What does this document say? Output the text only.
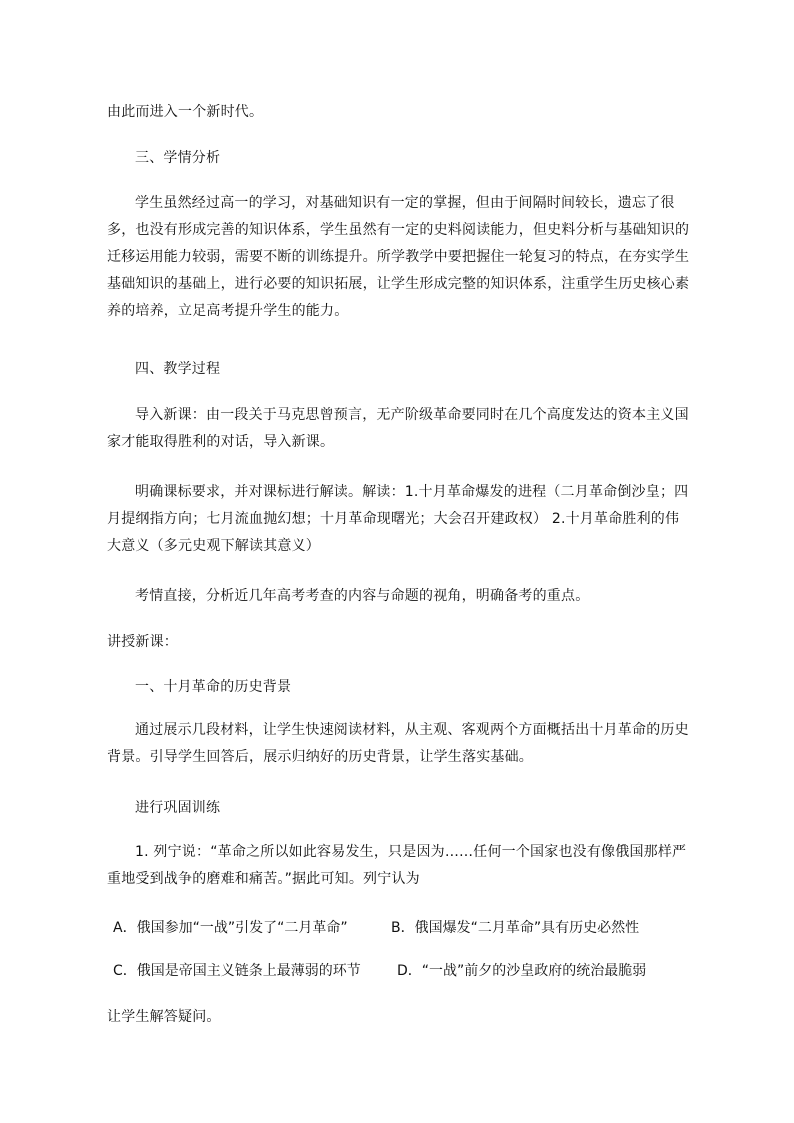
由此而进入一个新时代。

三、学情分析

学生虽然经过高一的学习，对基础知识有一定的掌握，但由于间隔时间较长，遗忘了很多，也没有形成完善的知识体系，学生虽然有一定的史料阅读能力，但史料分析与基础知识的迁移运用能力较弱，需要不断的训练提升。所学教学中要把握住一轮复习的特点，在夯实学生基础知识的基础上，进行必要的知识拓展，让学生形成完整的知识体系，注重学生历史核心素养的培养，立足高考提升学生的能力。

四、教学过程

导入新课：由一段关于马克思曾预言，无产阶级革命要同时在几个高度发达的资本主义国家才能取得胜利的对话，导入新课。

明确课标要求，并对课标进行解读。解读：1.十月革命爆发的进程（二月革命倒沙皇；四月提纲指方向；七月流血抛幻想；十月革命现曙光；大会召开建政权） 2.十月革命胜利的伟大意义（多元史观下解读其意义）

考情直接，分析近几年高考考查的内容与命题的视角，明确备考的重点。

讲授新课：

一、十月革命的历史背景

通过展示几段材料，让学生快速阅读材料，从主观、客观两个方面概括出十月革命的历史背景。引导学生回答后，展示归纳好的历史背景，让学生落实基础。

进行巩固训练

1. 列宁说：“革命之所以如此容易发生，只是因为……任何一个国家也没有像俄国那样严重地受到战争的磨难和痛苦。”据此可知。列宁认为

A．俄国参加“一战”引发了“二月革命”	B．俄国爆发“二月革命”具有历史必然性
C．俄国是帝国主义链条上最薄弱的环节	D．“一战”前夕的沙皇政府的统治最脆弱

让学生解答疑问。
